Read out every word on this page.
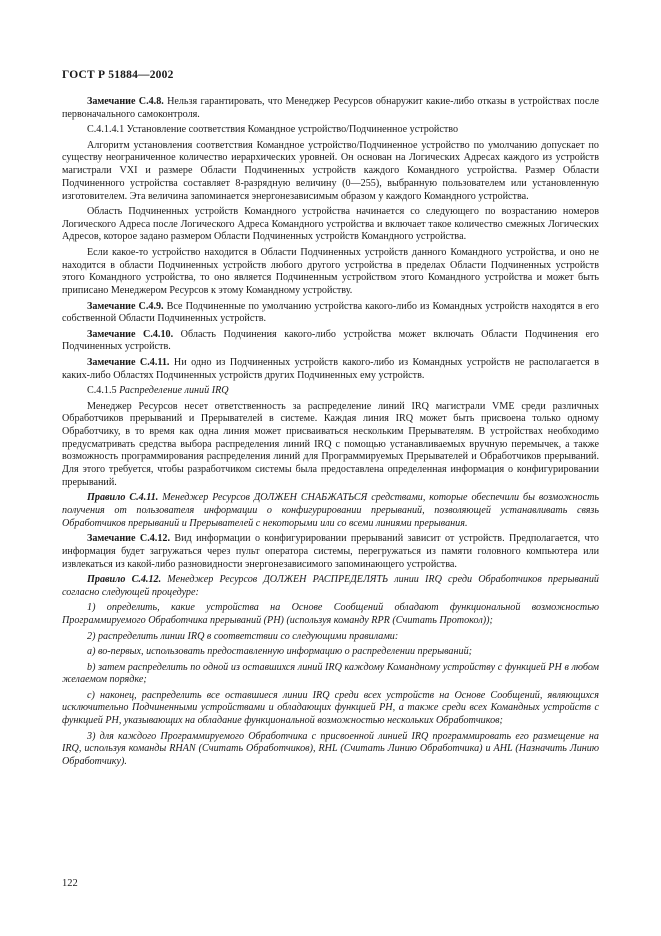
ГОСТ Р 51884—2002

Замечание С.4.8. Нельзя гарантировать, что Менеджер Ресурсов обнаружит какие-либо отказы в устройствах после первоначального самоконтроля.

С.4.1.4.1 Установление соответствия Командное устройство/Подчиненное устройство

Алгоритм установления соответствия Командное устройство/Подчиненное устройство по умолчанию допускает по существу неограниченное количество иерархических уровней. Он основан на Логических Адресах каждого из устройств магистрали VXI и размере Области Подчиненных устройств каждого Командного устройства. Размер Области Подчиненного устройства составляет 8-разрядную величину (0—255), выбранную пользователем или установленную изготовителем. Эта величина запоминается энергонезависимым образом у каждого Командного устройства.

Область Подчиненных устройств Командного устройства начинается со следующего по возрастанию номеров Логического Адреса после Логического Адреса Командного устройства и включает такое количество смежных Логических Адресов, которое задано размером Области Подчиненных устройств Командного устройства.

Если какое-то устройство находится в Области Подчиненных устройств данного Командного устройства, и оно не находится в области Подчиненных устройств любого другого устройства в пределах Области Подчиненных устройств этого Командного устройства, то оно является Подчиненным устройством этого Командного устройства и может быть приписано Менеджером Ресурсов к этому Командному устройству.

Замечание С.4.9. Все Подчиненные по умолчанию устройства какого-либо из Командных устройств находятся в его собственной Области Подчиненных устройств.

Замечание С.4.10. Область Подчинения какого-либо устройства может включать Области Подчинения его Подчиненных устройств.

Замечание С.4.11. Ни одно из Подчиненных устройств какого-либо из Командных устройств не располагается в каких-либо Областях Подчиненных устройств других Подчиненных ему устройств.

С.4.1.5 Распределение линий IRQ

Менеджер Ресурсов несет ответственность за распределение линий IRQ магистрали VME среди различных Обработчиков прерываний и Прерывателей в системе. Каждая линия IRQ может быть присвоена только одному Обработчику, в то время как одна линия может присваиваться нескольким Прерывателям. В устройствах необходимо предусматривать средства выбора распределения линий IRQ с помощью устанавливаемых вручную перемычек, а также возможность программирования распределения линий для Программируемых Прерывателей и Обработчиков прерываний. Для этого требуется, чтобы разработчиком системы была предоставлена определенная информация о конфигурировании прерываний.

Правило С.4.11. Менеджер Ресурсов ДОЛЖЕН СНАБЖАТЬСЯ средствами, которые обеспечили бы возможность получения от пользователя информации о конфигурировании прерываний, позволяющей устанавливать связь Обработчиков прерываний и Прерывателей с некоторыми или со всеми линиями прерывания.

Замечание С.4.12. Вид информации о конфигурировании прерываний зависит от устройств. Предполагается, что информация будет загружаться через пульт оператора системы, перегружаться из памяти головного компьютера или извлекаться из какой-либо разновидности энергонезависимого запоминающего устройства.

Правило С.4.12. Менеджер Ресурсов ДОЛЖЕН РАСПРЕДЕЛЯТЬ линии IRQ среди Обработчиков прерываний согласно следующей процедуре:

1) определить, какие устройства на Основе Сообщений обладают функциональной возможностью Программируемого Обработчика прерываний (PH) (используя команду RPR (Считать Протокол));

2) распределить линии IRQ в соответствии со следующими правилами:

а) во-первых, использовать предоставленную информацию о распределении прерываний;

b) затем распределить по одной из оставшихся линий IRQ каждому Командному устройству с функцией PH в любом желаемом порядке;

с) наконец, распределить все оставшиеся линии IRQ среди всех устройств на Основе Сообщений, являющихся исключительно Подчиненными устройствами и обладающих функцией PH, а также среди всех Командных устройств с функцией PH, указывающих на обладание функциональной возможностью нескольких Обработчиков;

3) для каждого Программируемого Обработчика с присвоенной линией IRQ программировать его размещение на IRQ, используя команды RHAN (Считать Обработчиков), RHL (Считать Линию Обработчика) и AHL (Назначить Линию Обработчику).

122
